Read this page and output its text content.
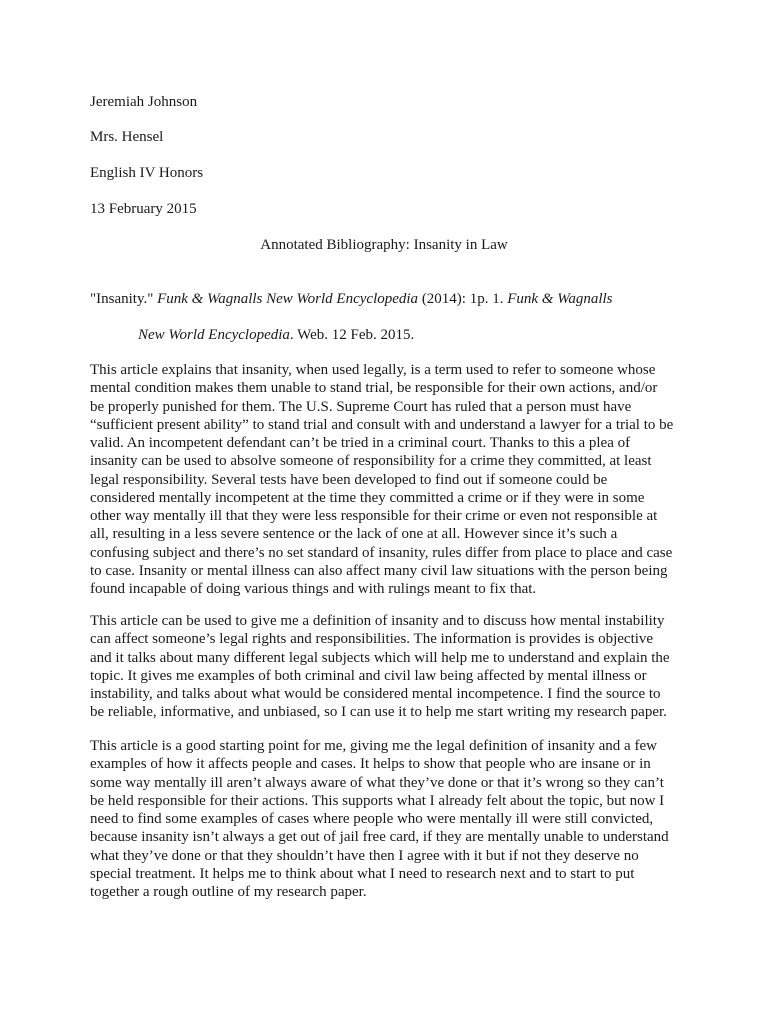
Jeremiah Johnson
Mrs. Hensel
English IV Honors
13 February 2015
Annotated Bibliography: Insanity in Law
"Insanity." Funk & Wagnalls New World Encyclopedia (2014): 1p. 1. Funk & Wagnalls
New World Encyclopedia. Web. 12 Feb. 2015.
This article explains that insanity, when used legally, is a term used to refer to someone whose
mental condition makes them unable to stand trial, be responsible for their own actions, and/or
be properly punished for them. The U.S. Supreme Court has ruled that a person must have
“sufficient present ability” to stand trial and consult with and understand a lawyer for a trial to be
valid. An incompetent defendant can’t be tried in a criminal court. Thanks to this a plea of
insanity can be used to absolve someone of responsibility for a crime they committed, at least
legal responsibility. Several tests have been developed to find out if someone could be
considered mentally incompetent at the time they committed a crime or if they were in some
other way mentally ill that they were less responsible for their crime or even not responsible at
all, resulting in a less severe sentence or the lack of one at all. However since it’s such a
confusing subject and there’s no set standard of insanity, rules differ from place to place and case
to case. Insanity or mental illness can also affect many civil law situations with the person being
found incapable of doing various things and with rulings meant to fix that.
This article can be used to give me a definition of insanity and to discuss how mental instability
can affect someone’s legal rights and responsibilities. The information is provides is objective
and it talks about many different legal subjects which will help me to understand and explain the
topic. It gives me examples of both criminal and civil law being affected by mental illness or
instability, and talks about what would be considered mental incompetence. I find the source to
be reliable, informative, and unbiased, so I can use it to help me start writing my research paper.
This article is a good starting point for me, giving me the legal definition of insanity and a few
examples of how it affects people and cases. It helps to show that people who are insane or in
some way mentally ill aren’t always aware of what they’ve done or that it’s wrong so they can’t
be held responsible for their actions. This supports what I already felt about the topic, but now I
need to find some examples of cases where people who were mentally ill were still convicted,
because insanity isn’t always a get out of jail free card, if they are mentally unable to understand
what they’ve done or that they shouldn’t have then I agree with it but if not they deserve no
special treatment. It helps me to think about what I need to research next and to start to put
together a rough outline of my research paper.
